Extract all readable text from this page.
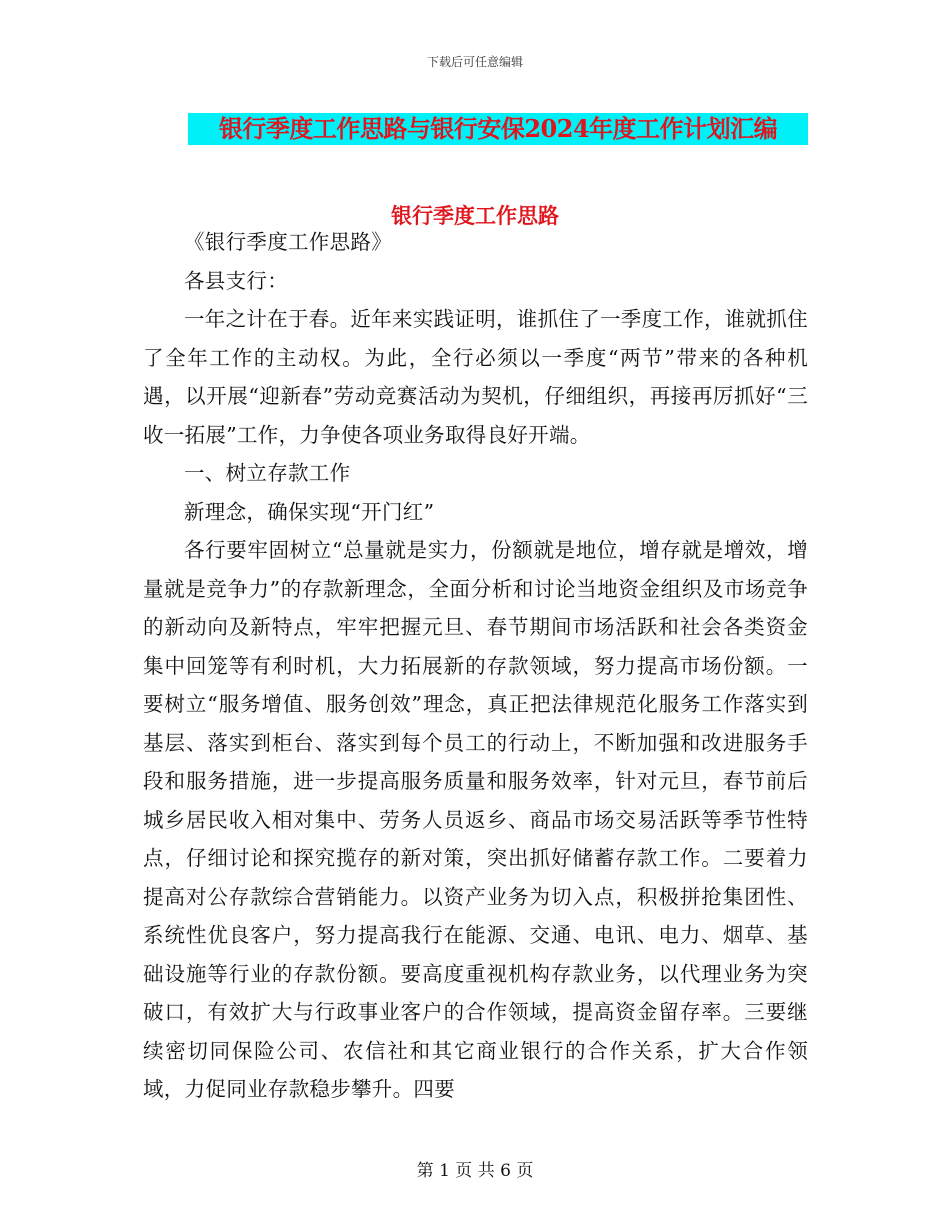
下载后可任意编辑
银行季度工作思路与银行安保2024年度工作计划汇编
银行季度工作思路

《银行季度工作思路》

各县支行：

一年之计在于春。近年来实践证明，谁抓住了一季度工作，谁就抓住了全年工作的主动权。为此，全行必须以一季度“两节”带来的各种机遇，以开展“迎新春”劳动竞赛活动为契机，仔细组织，再接再厉抓好“三收一拓展”工作，力争使各项业务取得良好开端。

一、树立存款工作

新理念，确保实现“开门红”

各行要牢固树立“总量就是实力，份额就是地位，增存就是增效，增量就是竞争力”的存款新理念，全面分析和讨论当地资金组织及市场竞争的新动向及新特点，牢牢把握元旦、春节期间市场活跃和社会各类资金集中回笼等有利时机，大力拓展新的存款领域，努力提高市场份额。一要树立“服务增值、服务创效”理念，真正把法律规范化服务工作落实到基层、落实到柜台、落实到每个员工的行动上，不断加强和改进服务手段和服务措施，进一步提高服务质量和服务效率，针对元旦，春节前后城乡居民收入相对集中、劳务人员返乡、商品市场交易活跃等季节性特点，仔细讨论和探究揽存的新对策，突出抓好储蓄存款工作。二要着力提高对公存款综合营销能力。以资产业务为切入点，积极拼抢集团性、系统性优良客户，努力提高我行在能源、交通、电讯、电力、烟草、基础设施等行业的存款份额。要高度重视机构存款业务，以代理业务为突破口，有效扩大与行政事业客户的合作领域，提高资金留存率。三要继续密切同保险公司、农信社和其它商业银行的合作关系，扩大合作领域，力促同业存款稳步攀升。四要

第 1 页 共 6 页
